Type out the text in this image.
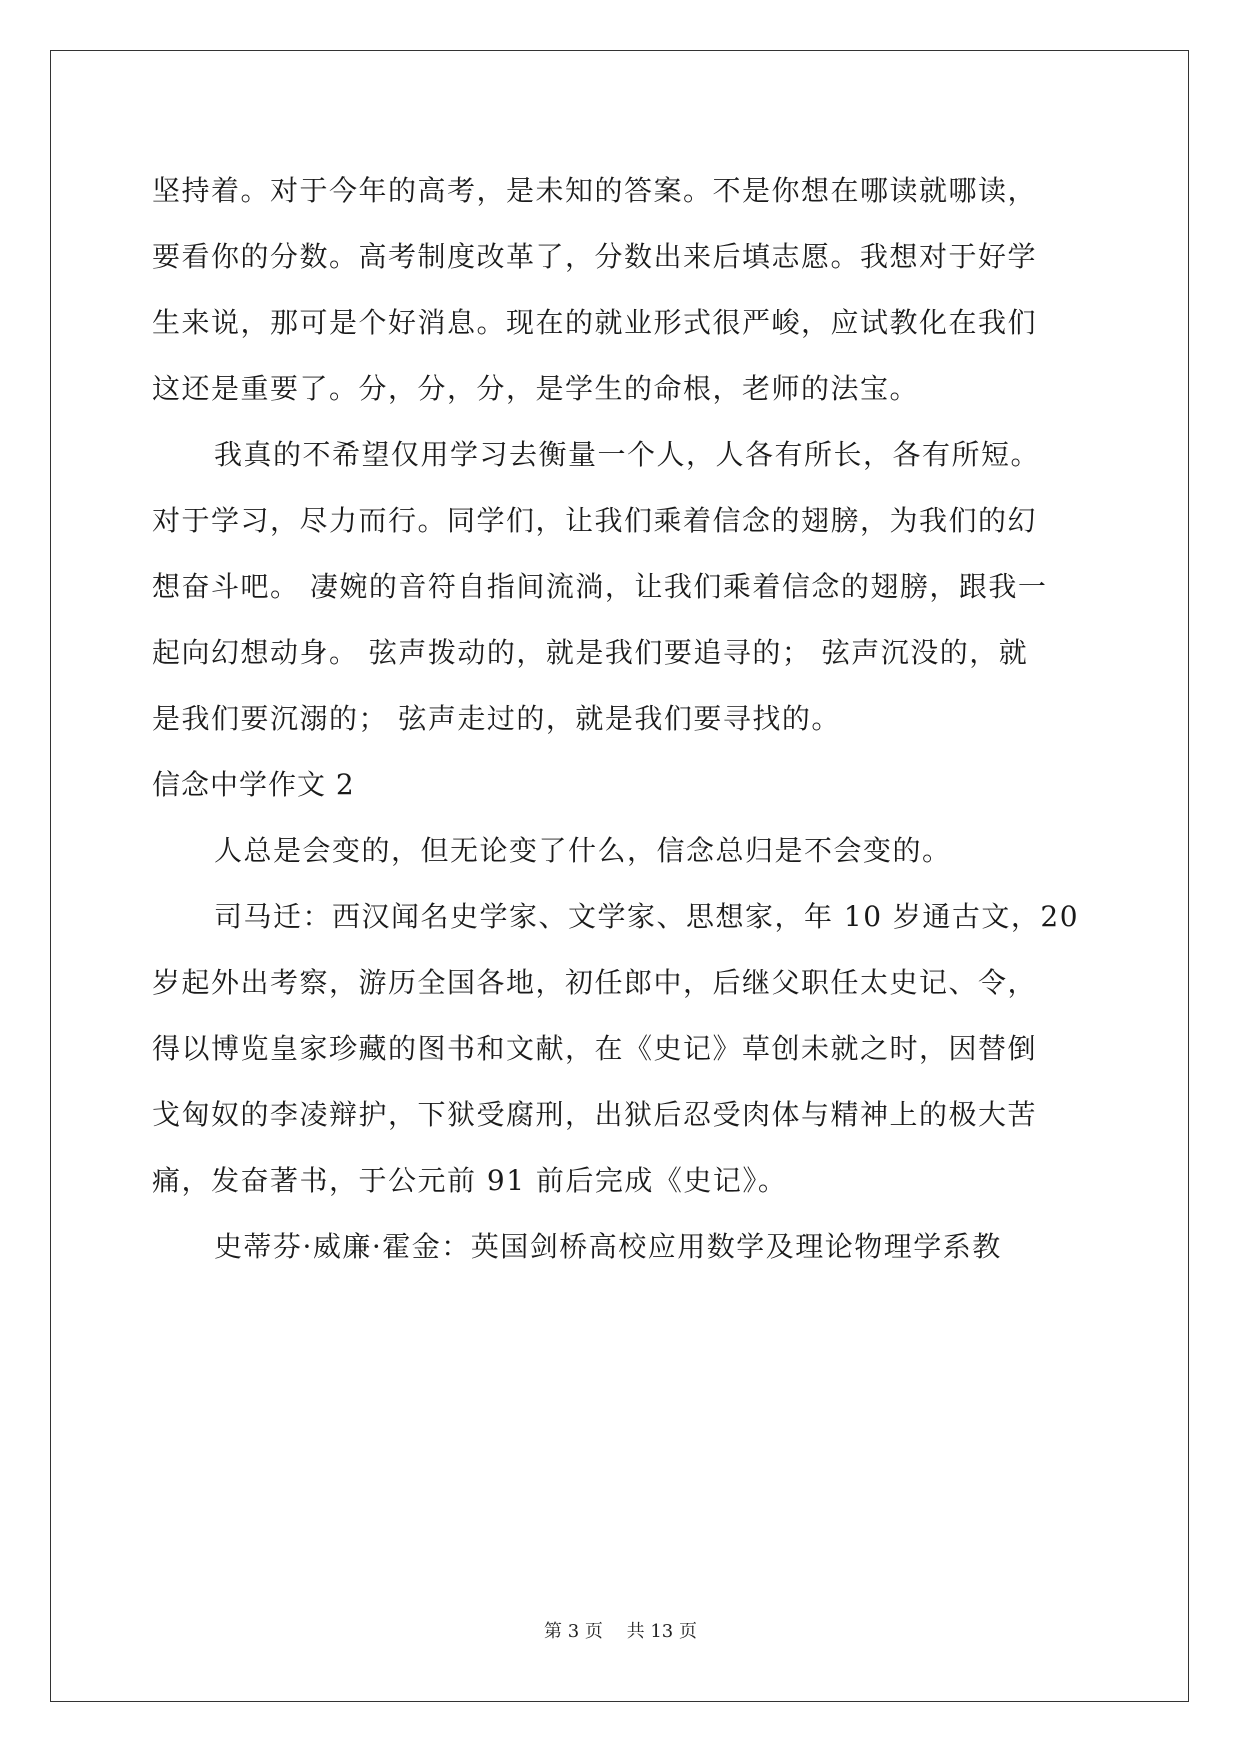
坚持着。对于今年的高考，是未知的答案。不是你想在哪读就哪读，
要看你的分数。高考制度改革了，分数出来后填志愿。我想对于好学
生来说，那可是个好消息。现在的就业形式很严峻，应试教化在我们
这还是重要了。分，分，分，是学生的命根，老师的法宝。
我真的不希望仅用学习去衡量一个人，人各有所长，各有所短。
对于学习，尽力而行。同学们，让我们乘着信念的翅膀，为我们的幻
想奋斗吧。 凄婉的音符自指间流淌，让我们乘着信念的翅膀，跟我一
起向幻想动身。 弦声拨动的，就是我们要追寻的； 弦声沉没的，就
是我们要沉溺的； 弦声走过的，就是我们要寻找的。
信念中学作文 2
人总是会变的，但无论变了什么，信念总归是不会变的。
司马迁：西汉闻名史学家、文学家、思想家，年 10 岁通古文，20
岁起外出考察，游历全国各地，初任郎中，后继父职任太史记、令，
得以博览皇家珍藏的图书和文献，在《史记》草创未就之时，因替倒
戈匈奴的李凌辩护，下狱受腐刑，出狱后忍受肉体与精神上的极大苦
痛，发奋著书，于公元前 91 前后完成《史记》。
史蒂芬·威廉·霍金：英国剑桥高校应用数学及理论物理学系教
第 3 页　 共 13 页
